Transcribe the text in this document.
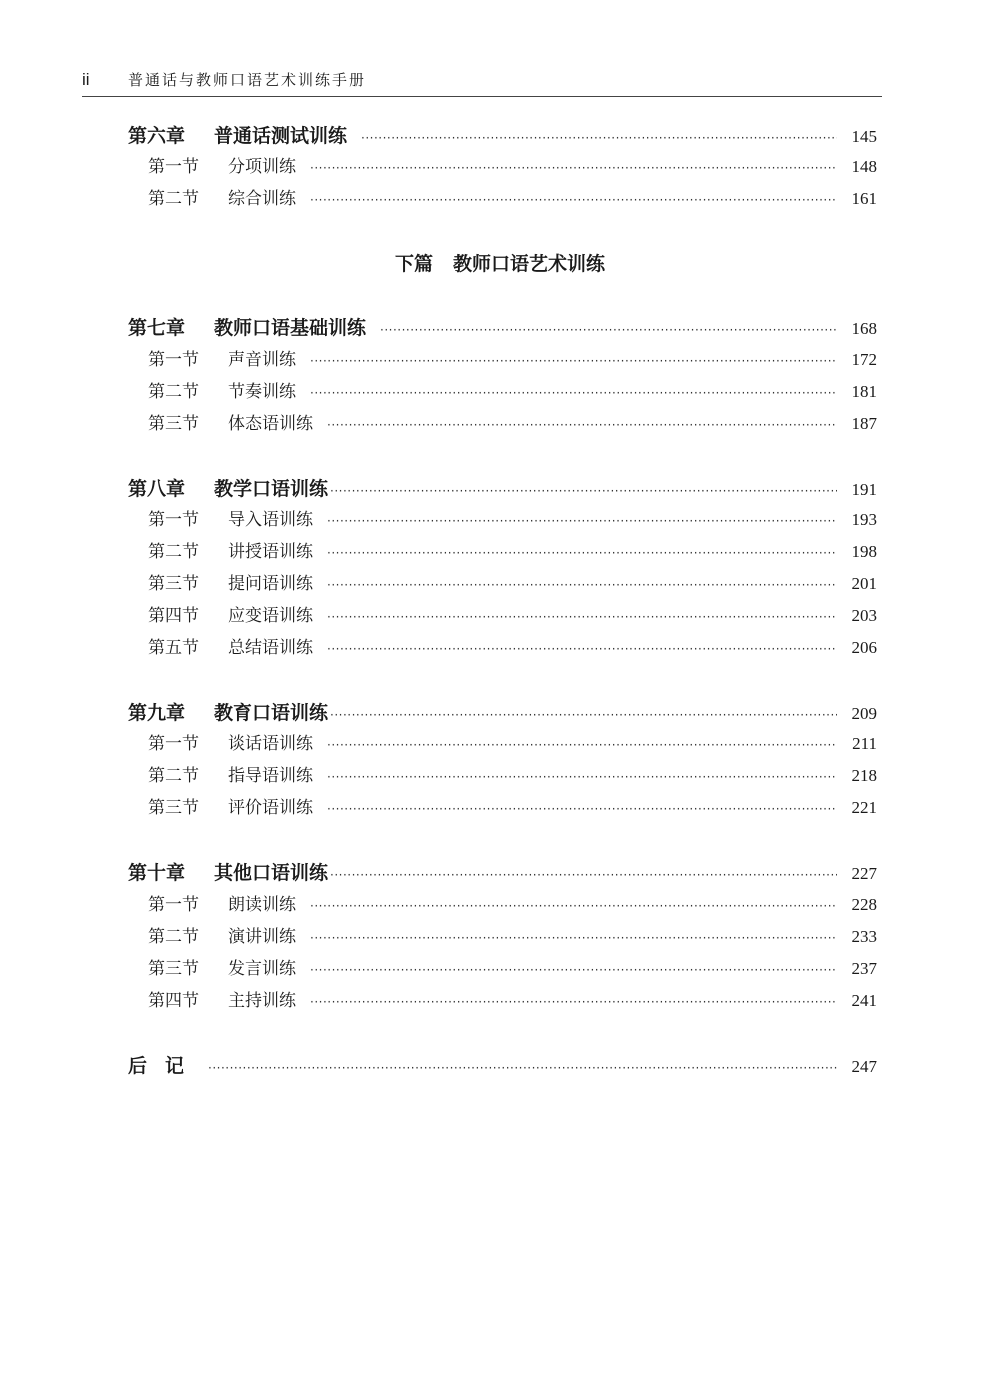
ii	普通话与教师口语艺术训练手册
第六章	普通话测试训练 ·····	145
第一节	分项训练 ·····	148
第二节	综合训练 ·····	161
下篇 教师口语艺术训练
第七章	教师口语基础训练 ·····	168
第一节	声音训练 ·····	172
第二节	节奏训练 ·····	181
第三节	体态语训练 ·····	187
第八章	教学口语训练 ·····	191
第一节	导入语训练 ·····	193
第二节	讲授语训练 ·····	198
第三节	提问语训练 ·····	201
第四节	应变语训练 ·····	203
第五节	总结语训练 ·····	206
第九章	教育口语训练 ·····	209
第一节	谈话语训练 ·····	211
第二节	指导语训练 ·····	218
第三节	评价语训练 ·····	221
第十章	其他口语训练 ·····	227
第一节	朗读训练 ·····	228
第二节	演讲训练 ·····	233
第三节	发言训练 ·····	237
第四节	主持训练 ·····	241
后记 ·····	247
